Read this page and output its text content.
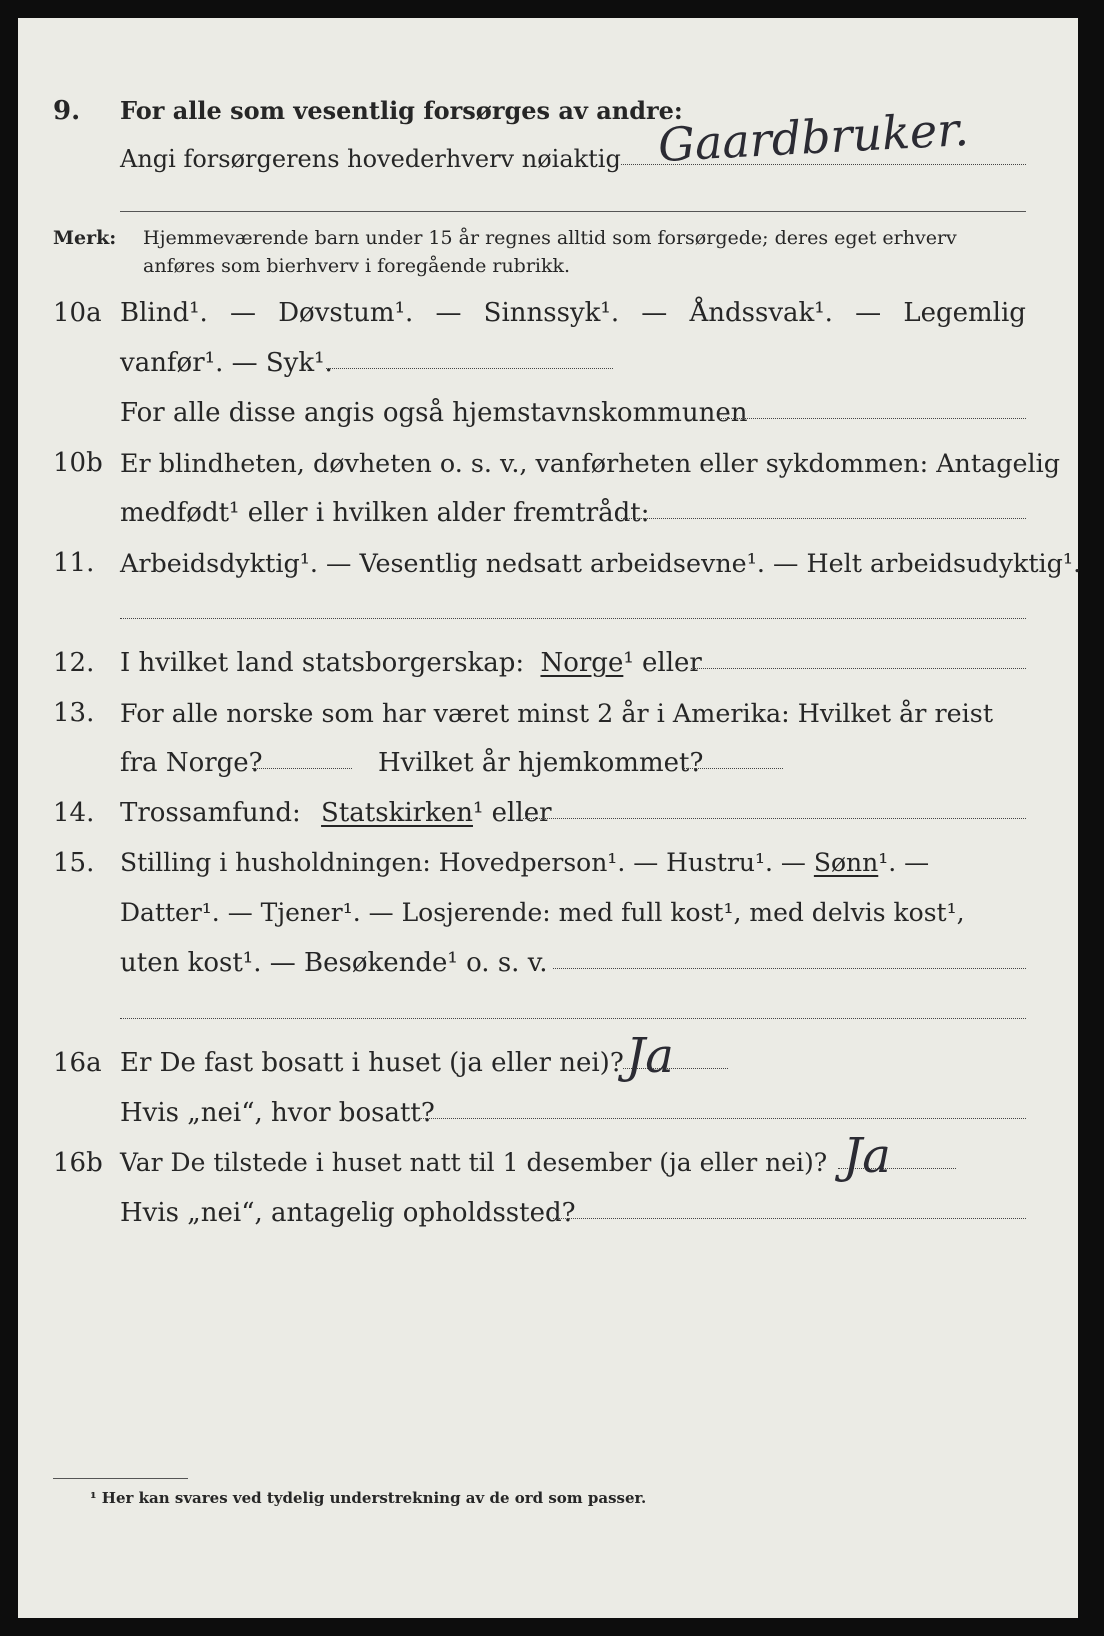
9. For alle som vesentlig forsørges av andre:
Angi forsørgerens hovederhverv nøiaktig Gaardbruker.
Merk: Hjemmeværende barn under 15 år regnes alltid som forsørgede; deres eget erhverv
anføres som bierhverv i foregående rubrikk.
10a Blind¹. — Døvstum¹. — Sinnssyk¹. — Åndssvak¹. — Legemlig
vanfør¹. — Syk¹.
For alle disse angis også hjemstavnskommunen
10b Er blindheten, døvheten o. s. v., vanførheten eller sykdommen: Antagelig
medfødt¹ eller i hvilken alder fremtrådt:
11. Arbeidsdyktig¹. — Vesentlig nedsatt arbeidsevne¹. — Helt arbeidsudyktig¹.
12. I hvilket land statsborgerskap: Norge¹ eller
13. For alle norske som har været minst 2 år i Amerika: Hvilket år reist
fra Norge?	Hvilket år hjemkommet?
14. Trossamfund: Statskirken¹ eller
15. Stilling i husholdningen: Hovedperson¹. — Hustru¹. — Sønn¹. —
Datter¹. — Tjener¹. — Losjerende: med full kost¹, med delvis kost¹,
uten kost¹. — Besøkende¹ o. s. v.
16a Er De fast bosatt i huset (ja eller nei)? Ja
Hvis „nei“, hvor bosatt?
16b Var De tilstede i huset natt til 1 desember (ja eller nei)? Ja
Hvis „nei“, antagelig opholdssted?
¹ Her kan svares ved tydelig understrekning av de ord som passer.
